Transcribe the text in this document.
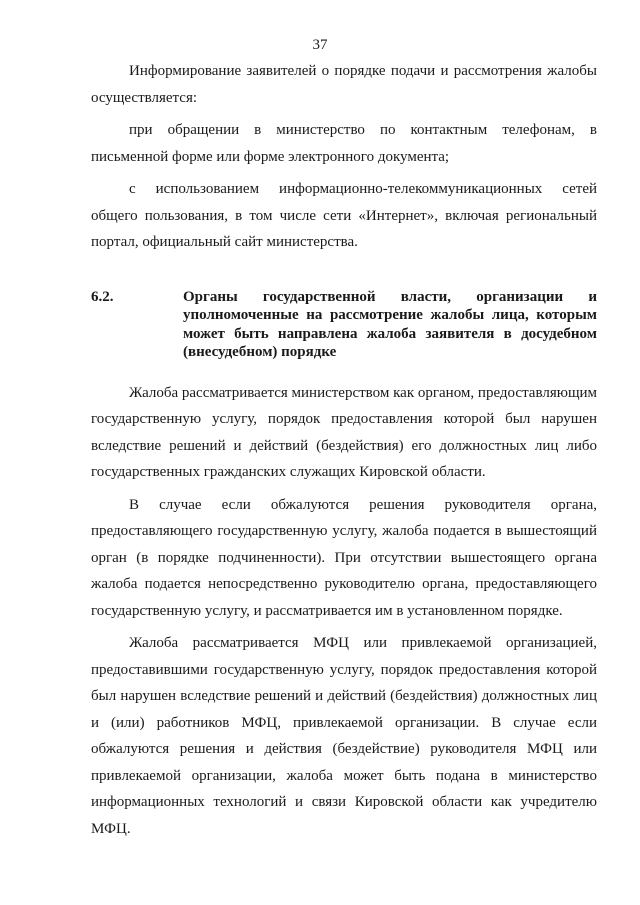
37

Информирование заявителей о порядке подачи и рассмотрения жалобы осуществляется:

при обращении в министерство по контактным телефонам, в письменной форме или форме электронного документа;

с использованием информационно-телекоммуникационных сетей общего пользования, в том числе сети «Интернет», включая региональный портал, официальный сайт министерства.

6.2.	Органы государственной власти, организации и уполномоченные на рассмотрение жалобы лица, которым может быть направлена жалоба заявителя в досудебном (внесудебном) порядке

Жалоба рассматривается министерством как органом, предоставляющим государственную услугу, порядок предоставления которой был нарушен вследствие решений и действий (бездействия) его должностных лиц либо государственных гражданских служащих Кировской области.

В случае если обжалуются решения руководителя органа, предоставляющего государственную услугу, жалоба подается в вышестоящий орган (в порядке подчиненности). При отсутствии вышестоящего органа жалоба подается непосредственно руководителю органа, предоставляющего государственную услугу, и рассматривается им в установленном порядке.

Жалоба рассматривается МФЦ или привлекаемой организацией, предоставившими государственную услугу, порядок предоставления которой был нарушен вследствие решений и действий (бездействия) должностных лиц и (или) работников МФЦ, привлекаемой организации. В случае если обжалуются решения и действия (бездействие) руководителя МФЦ или привлекаемой организации, жалоба может быть подана в министерство информационных технологий и связи Кировской области как учредителю МФЦ.
